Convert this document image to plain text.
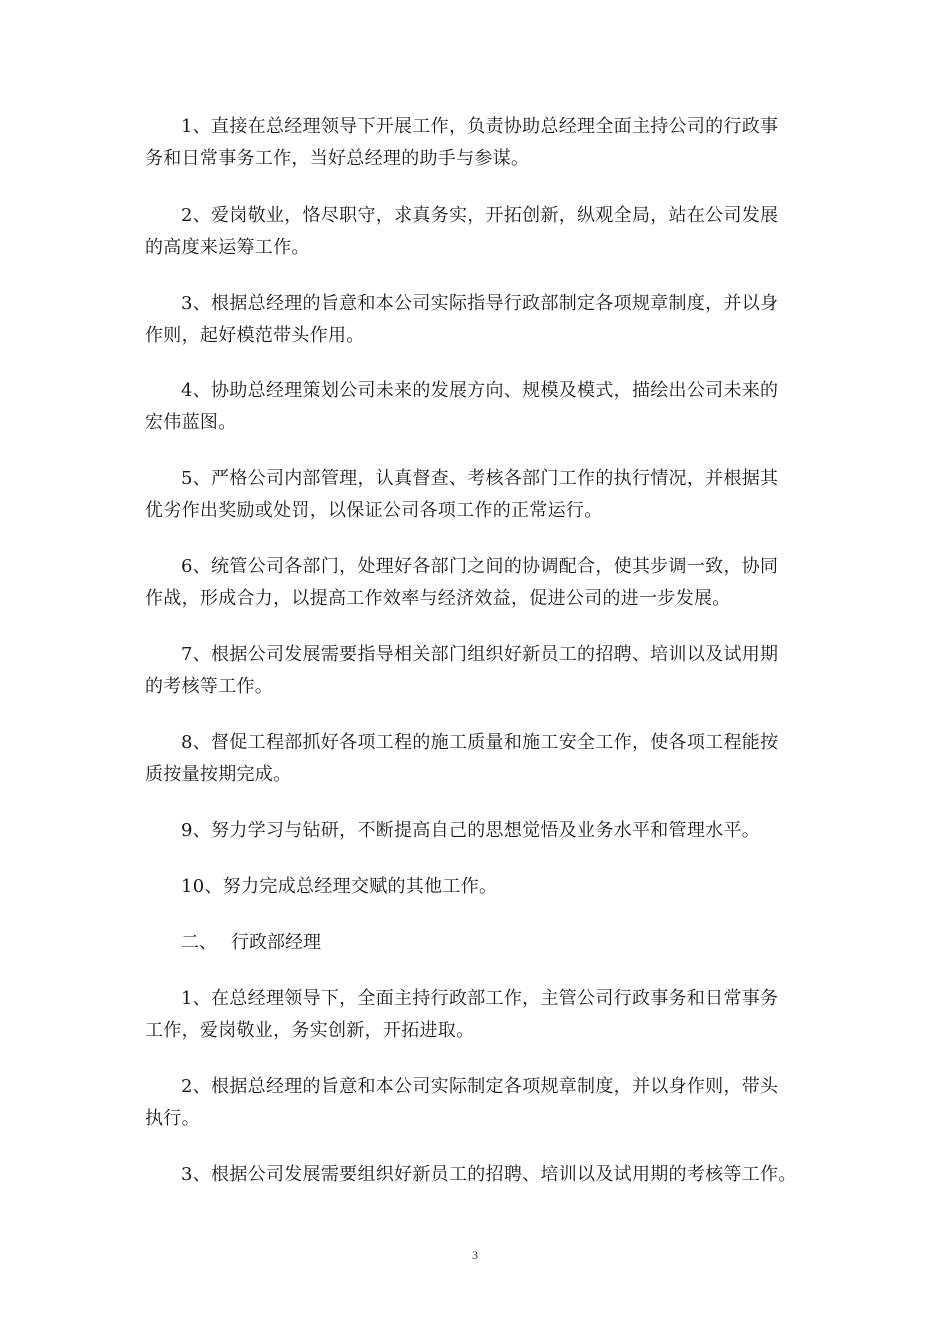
1、直接在总经理领导下开展工作，负责协助总经理全面主持公司的行政事
务和日常事务工作，当好总经理的助手与参谋。
2、爱岗敬业，恪尽职守，求真务实，开拓创新，纵观全局，站在公司发展
的高度来运筹工作。
3、根据总经理的旨意和本公司实际指导行政部制定各项规章制度，并以身
作则，起好模范带头作用。
4、协助总经理策划公司未来的发展方向、规模及模式，描绘出公司未来的
宏伟蓝图。
5、严格公司内部管理，认真督查、考核各部门工作的执行情况，并根据其
优劣作出奖励或处罚，以保证公司各项工作的正常运行。
6、统管公司各部门，处理好各部门之间的协调配合，使其步调一致，协同
作战，形成合力，以提高工作效率与经济效益，促进公司的进一步发展。
7、根据公司发展需要指导相关部门组织好新员工的招聘、培训以及试用期
的考核等工作。
8、督促工程部抓好各项工程的施工质量和施工安全工作，使各项工程能按
质按量按期完成。
9、努力学习与钻研，不断提高自己的思想觉悟及业务水平和管理水平。
10、努力完成总经理交赋的其他工作。
二、 行政部经理
1、在总经理领导下，全面主持行政部工作，主管公司行政事务和日常事务
工作，爱岗敬业，务实创新，开拓进取。
2、根据总经理的旨意和本公司实际制定各项规章制度，并以身作则，带头
执行。
3、根据公司发展需要组织好新员工的招聘、培训以及试用期的考核等工作。
3
